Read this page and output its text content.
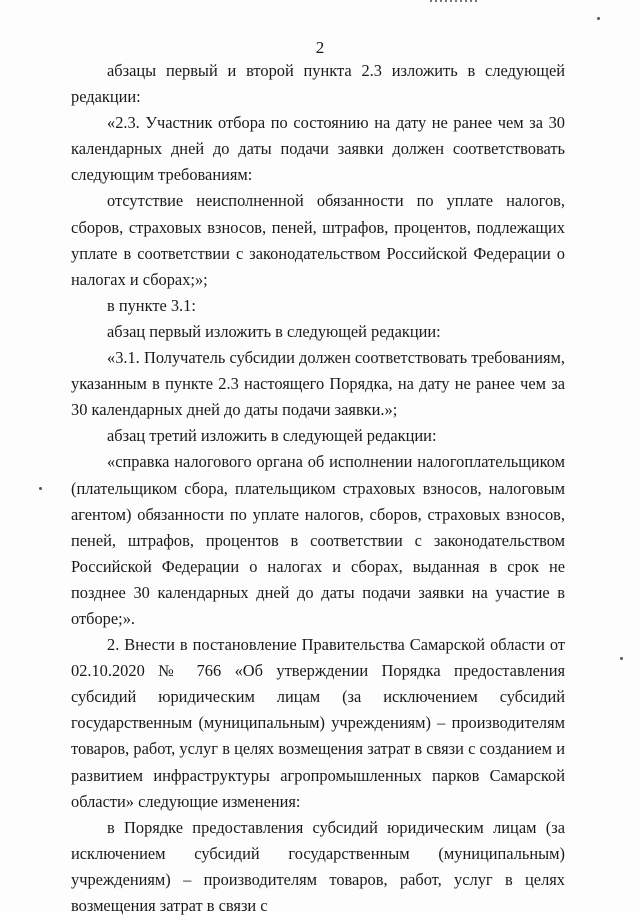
2

абзацы первый и второй пункта 2.3 изложить в следующей редакции:

«2.3. Участник отбора по состоянию на дату не ранее чем за 30 календарных дней до даты подачи заявки должен соответствовать следующим требованиям:

отсутствие неисполненной обязанности по уплате налогов, сборов, страховых взносов, пеней, штрафов, процентов, подлежащих уплате в соответствии с законодательством Российской Федерации о налогах и сборах;»;

в пункте 3.1:

абзац первый изложить в следующей редакции:

«3.1. Получатель субсидии должен соответствовать требованиям, указанным в пункте 2.3 настоящего Порядка, на дату не ранее чем за 30 календарных дней до даты подачи заявки.»;

абзац третий изложить в следующей редакции:

«справка налогового органа об исполнении налогоплательщиком (плательщиком сбора, плательщиком страховых взносов, налоговым агентом) обязанности по уплате налогов, сборов, страховых взносов, пеней, штрафов, процентов в соответствии с законодательством Российской Федерации о налогах и сборах, выданная в срок не позднее 30 календарных дней до даты подачи заявки на участие в отборе;».

2. Внести в постановление Правительства Самарской области от 02.10.2020 № 766 «Об утверждении Порядка предоставления субсидий юридическим лицам (за исключением субсидий государственным (муниципальным) учреждениям) – производителям товаров, работ, услуг в целях возмещения затрат в связи с созданием и развитием инфраструктуры агропромышленных парков Самарской области» следующие изменения:

в Порядке предоставления субсидий юридическим лицам (за исключением субсидий государственным (муниципальным) учреждениям) – производителям товаров, работ, услуг в целях возмещения затрат в связи с
